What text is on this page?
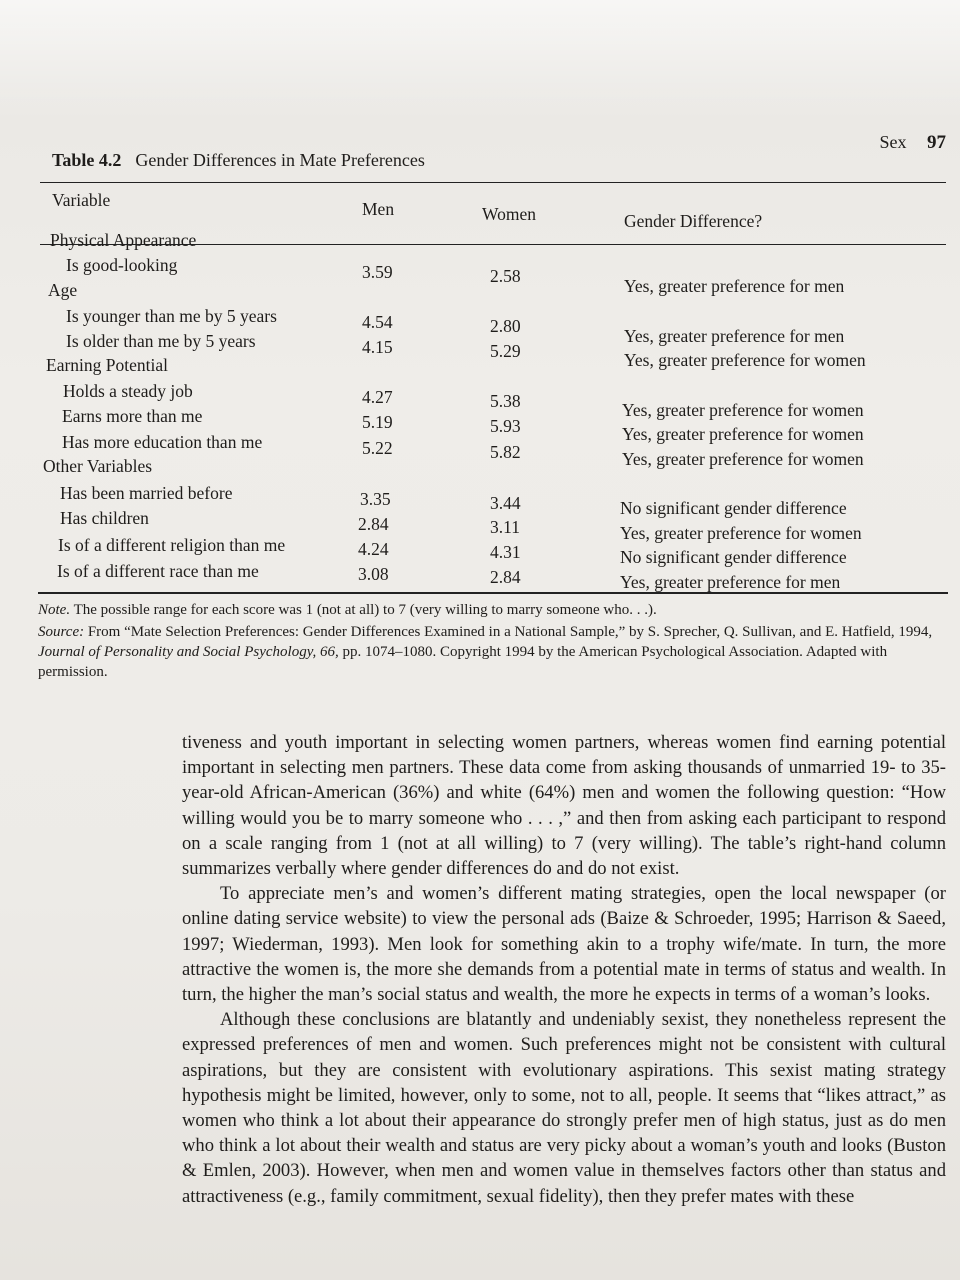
Sex 97
Table 4.2 Gender Differences in Mate Preferences
Variable	Men	Women	Gender Difference?
Physical Appearance
Is good-looking	3.59	2.58	Yes, greater preference for men
Age
Is younger than me by 5 years	4.54	2.80	Yes, greater preference for men
Is older than me by 5 years	4.15	5.29	Yes, greater preference for women
Earning Potential
Holds a steady job	4.27	5.38	Yes, greater preference for women
Earns more than me	5.19	5.93	Yes, greater preference for women
Has more education than me	5.22	5.82	Yes, greater preference for women
Other Variables
Has been married before	3.35	3.44	No significant gender difference
Has children	2.84	3.11	Yes, greater preference for women
Is of a different religion than me	4.24	4.31	No significant gender difference
Is of a different race than me	3.08	2.84	Yes, greater preference for men
Note. The possible range for each score was 1 (not at all) to 7 (very willing to marry someone who. . .).
Source: From “Mate Selection Preferences: Gender Differences Examined in a National Sample,” by S. Sprecher, Q. Sullivan, and E. Hatfield, 1994, Journal of Personality and Social Psychology, 66, pp. 1074–1080. Copyright 1994 by the American Psychological Association. Adapted with permission.

tiveness and youth important in selecting women partners, whereas women find earning potential important in selecting men partners. These data come from asking thousands of unmarried 19- to 35-year-old African-American (36%) and white (64%) men and women the following question: “How willing would you be to marry someone who . . . ,” and then from asking each participant to respond on a scale ranging from 1 (not at all willing) to 7 (very willing). The table’s right-hand column summarizes verbally where gender differences do and do not exist.

To appreciate men’s and women’s different mating strategies, open the local newspaper (or online dating service website) to view the personal ads (Baize & Schroeder, 1995; Harrison & Saeed, 1997; Wiederman, 1993). Men look for something akin to a trophy wife/mate. In turn, the more attractive the women is, the more she demands from a potential mate in terms of status and wealth. In turn, the higher the man’s social status and wealth, the more he expects in terms of a woman’s looks.

Although these conclusions are blatantly and undeniably sexist, they nonetheless represent the expressed preferences of men and women. Such preferences might not be consistent with cultural aspirations, but they are consistent with evolutionary aspirations. This sexist mating strategy hypothesis might be limited, however, only to some, not to all, people. It seems that “likes attract,” as women who think a lot about their appearance do strongly prefer men of high status, just as do men who think a lot about their wealth and status are very picky about a woman’s youth and looks (Buston & Emlen, 2003). However, when men and women value in themselves factors other than status and attractiveness (e.g., family commitment, sexual fidelity), then they prefer mates with these
